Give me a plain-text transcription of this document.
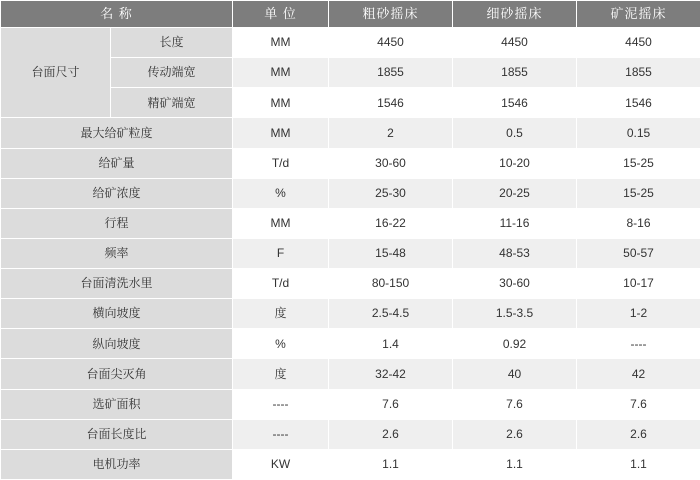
名 称		单 位	粗砂摇床	细砂摇床	矿泥摇床
台面尺寸	长度	MM	4450	4450	4450
	传动端宽	MM	1855	1855	1855
	精矿端宽	MM	1546	1546	1546
最大给矿粒度		MM	2	0.5	0.15
给矿量		T/d	30-60	10-20	15-25
给矿浓度		%	25-30	20-25	15-25
行程		MM	16-22	11-16	8-16
频率		F	15-48	48-53	50-57
台面清洗水里		T/d	80-150	30-60	10-17
横向坡度		度	2.5-4.5	1.5-3.5	1-2
纵向坡度		%	1.4	0.92	----
台面尖灭角		度	32-42	40	42
选矿面积		----	7.6	7.6	7.6
台面长度比		----	2.6	2.6	2.6
电机功率		KW	1.1	1.1	1.1
